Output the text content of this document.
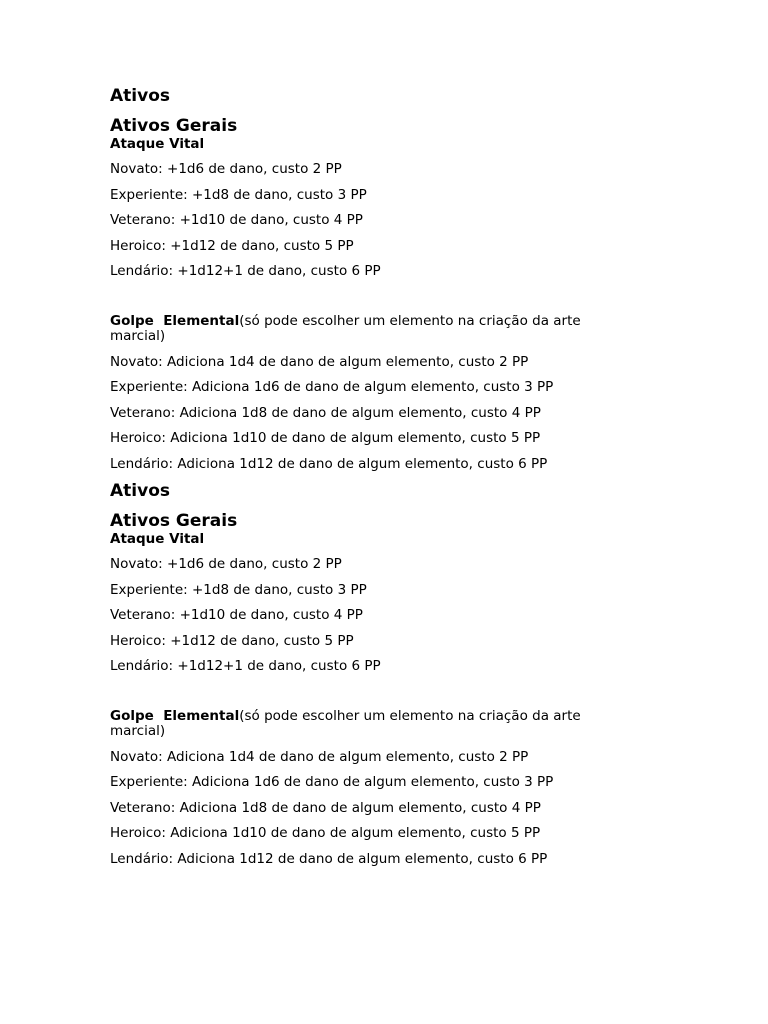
Ativos
Ativos Gerais
Ataque Vital
Novato: +1d6 de dano, custo 2 PP
Experiente: +1d8 de dano, custo 3 PP
Veterano: +1d10 de dano, custo 4 PP
Heroico: +1d12 de dano, custo 5 PP
Lendário: +1d12+1 de dano, custo 6 PP
Golpe  Elemental(só pode escolher um elemento na criação da arte marcial)
Novato: Adiciona 1d4 de dano de algum elemento, custo 2 PP
Experiente: Adiciona 1d6 de dano de algum elemento, custo 3 PP
Veterano: Adiciona 1d8 de dano de algum elemento, custo 4 PP
Heroico: Adiciona 1d10 de dano de algum elemento, custo 5 PP
Lendário: Adiciona 1d12 de dano de algum elemento, custo 6 PP
Ativos
Ativos Gerais
Ataque Vital
Novato: +1d6 de dano, custo 2 PP
Experiente: +1d8 de dano, custo 3 PP
Veterano: +1d10 de dano, custo 4 PP
Heroico: +1d12 de dano, custo 5 PP
Lendário: +1d12+1 de dano, custo 6 PP
Golpe  Elemental(só pode escolher um elemento na criação da arte marcial)
Novato: Adiciona 1d4 de dano de algum elemento, custo 2 PP
Experiente: Adiciona 1d6 de dano de algum elemento, custo 3 PP
Veterano: Adiciona 1d8 de dano de algum elemento, custo 4 PP
Heroico: Adiciona 1d10 de dano de algum elemento, custo 5 PP
Lendário: Adiciona 1d12 de dano de algum elemento, custo 6 PP
